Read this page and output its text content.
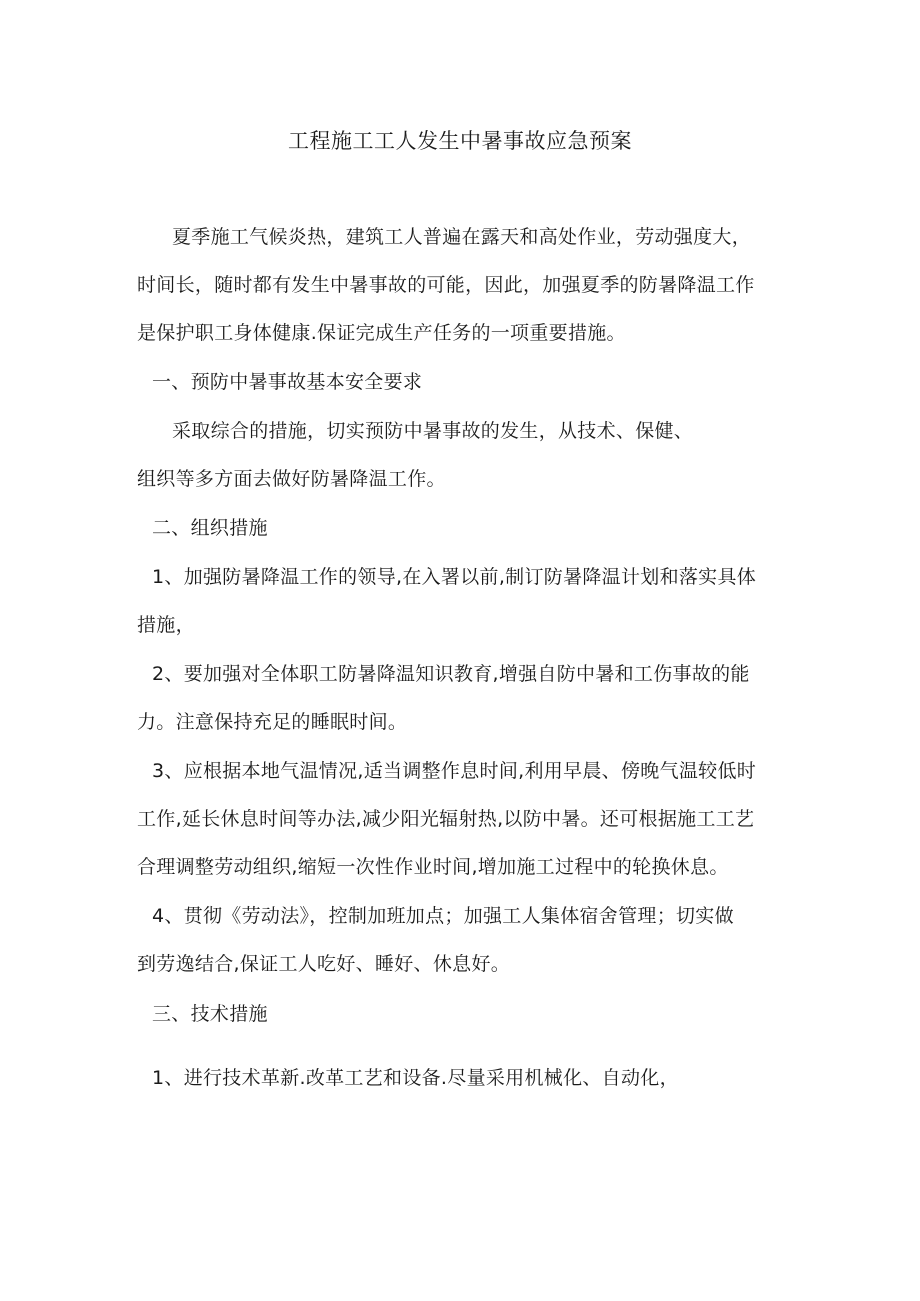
工程施工工人发生中暑事故应急预案
夏季施工气候炎热，建筑工人普遍在露天和高处作业，劳动强度大，
时间长，随时都有发生中暑事故的可能，因此，加强夏季的防暑降温工作
是保护职工身体健康.保证完成生产任务的一项重要措施。
一、预防中暑事故基本安全要求
采取综合的措施，切实预防中暑事故的发生，从技术、保健、
组织等多方面去做好防暑降温工作。
二、组织措施
1、加强防暑降温工作的领导,在入署以前,制订防暑降温计划和落实具体
措施，
2、要加强对全体职工防暑降温知识教育,增强自防中暑和工伤事故的能
力。注意保持充足的睡眠时间。
3、应根据本地气温情况,适当调整作息时间,利用早晨、傍晚气温较低时
工作,延长休息时间等办法,减少阳光辐射热,以防中暑。还可根据施工工艺
合理调整劳动组织,缩短一次性作业时间,增加施工过程中的轮换休息。
4、贯彻《劳动法》，控制加班加点；加强工人集体宿舍管理；切实做
到劳逸结合,保证工人吃好、睡好、休息好。
三、技术措施
1、进行技术革新.改革工艺和设备.尽量采用机械化、自动化，
